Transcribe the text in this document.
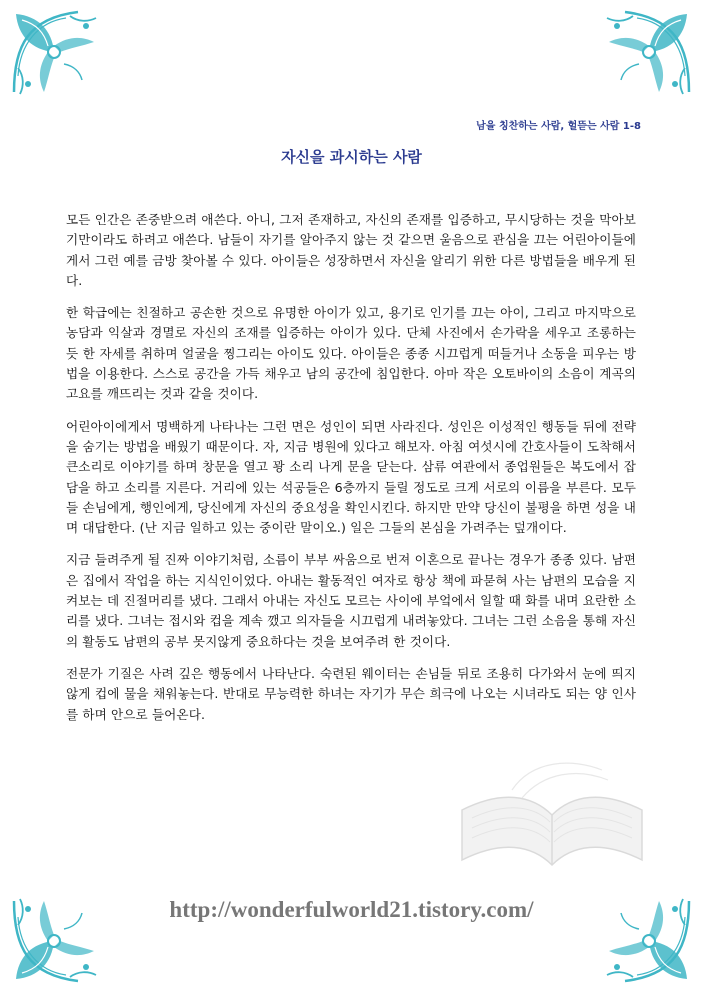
남을 칭찬하는 사람, 헐뜯는 사람 1-8
자신을 과시하는 사람

모든 인간은 존중받으려 애쓴다. 아니, 그저 존재하고, 자신의 존재를 입증하고, 무시당하는 것을 막아보기만이라도 하려고 애쓴다. 남들이 자기를 알아주지 않는 것 같으면 울음으로 관심을 끄는 어린아이들에게서 그런 예를 금방 찾아볼 수 있다. 아이들은 성장하면서 자신을 알리기 위한 다른 방법들을 배우게 된다.

한 학급에는 친절하고 공손한 것으로 유명한 아이가 있고, 용기로 인기를 끄는 아이, 그리고 마지막으로 농담과 익살과 경멸로 자신의 조재를 입증하는 아이가 있다. 단체 사진에서 손가락을 세우고 조롱하는 듯 한 자세를 취하며 얼굴을 찡그리는 아이도 있다. 아이들은 종종 시끄럽게 떠들거나 소동을 피우는 방법을 이용한다. 스스로 공간을 가득 채우고 남의 공간에 침입한다. 아마 작은 오토바이의 소음이 계곡의 고요를 깨뜨리는 것과 같을 것이다.

어린아이에게서 명백하게 나타나는 그런 면은 성인이 되면 사라진다. 성인은 이성적인 행동들 뒤에 전략을 숨기는 방법을 배웠기 때문이다. 자, 지금 병원에 있다고 해보자. 아침 여섯시에 간호사들이 도착해서 큰소리로 이야기를 하며 창문을 열고 꽝 소리 나게 문을 닫는다. 삼류 여관에서 종업원들은 복도에서 잡담을 하고 소리를 지른다. 거리에 있는 석공들은 6층까지 들릴 정도로 크게 서로의 이름을 부른다. 모두들 손님에게, 행인에게, 당신에게 자신의 중요성을 확인시킨다. 하지만 만약 당신이 불평을 하면 성을 내며 대답한다. (난 지금 일하고 있는 중이란 말이오.) 일은 그들의 본심을 가려주는 덮개이다.

지금 들려주게 될 진짜 이야기처럼, 소름이 부부 싸움으로 번져 이혼으로 끝나는 경우가 종종 있다. 남편은 집에서 작업을 하는 지식인이었다. 아내는 활동적인 여자로 항상 책에 파묻혀 사는 남편의 모습을 지켜보는 데 진절머리를 냈다. 그래서 아내는 자신도 모르는 사이에 부엌에서 일할 때 화를 내며 요란한 소리를 냈다. 그녀는 접시와 컵을 계속 깼고 의자들을 시끄럽게 내려놓았다. 그녀는 그런 소음을 통해 자신의 활동도 남편의 공부 못지않게 중요하다는 것을 보여주려 한 것이다.

전문가 기질은 사려 깊은 행동에서 나타난다. 숙련된 웨이터는 손님들 뒤로 조용히 다가와서 눈에 띄지 않게 컵에 물을 채워놓는다. 반대로 무능력한 하녀는 자기가 무슨 희극에 나오는 시녀라도 되는 양 인사를 하며 안으로 들어온다.

http://wonderfulworld21.tistory.com/
